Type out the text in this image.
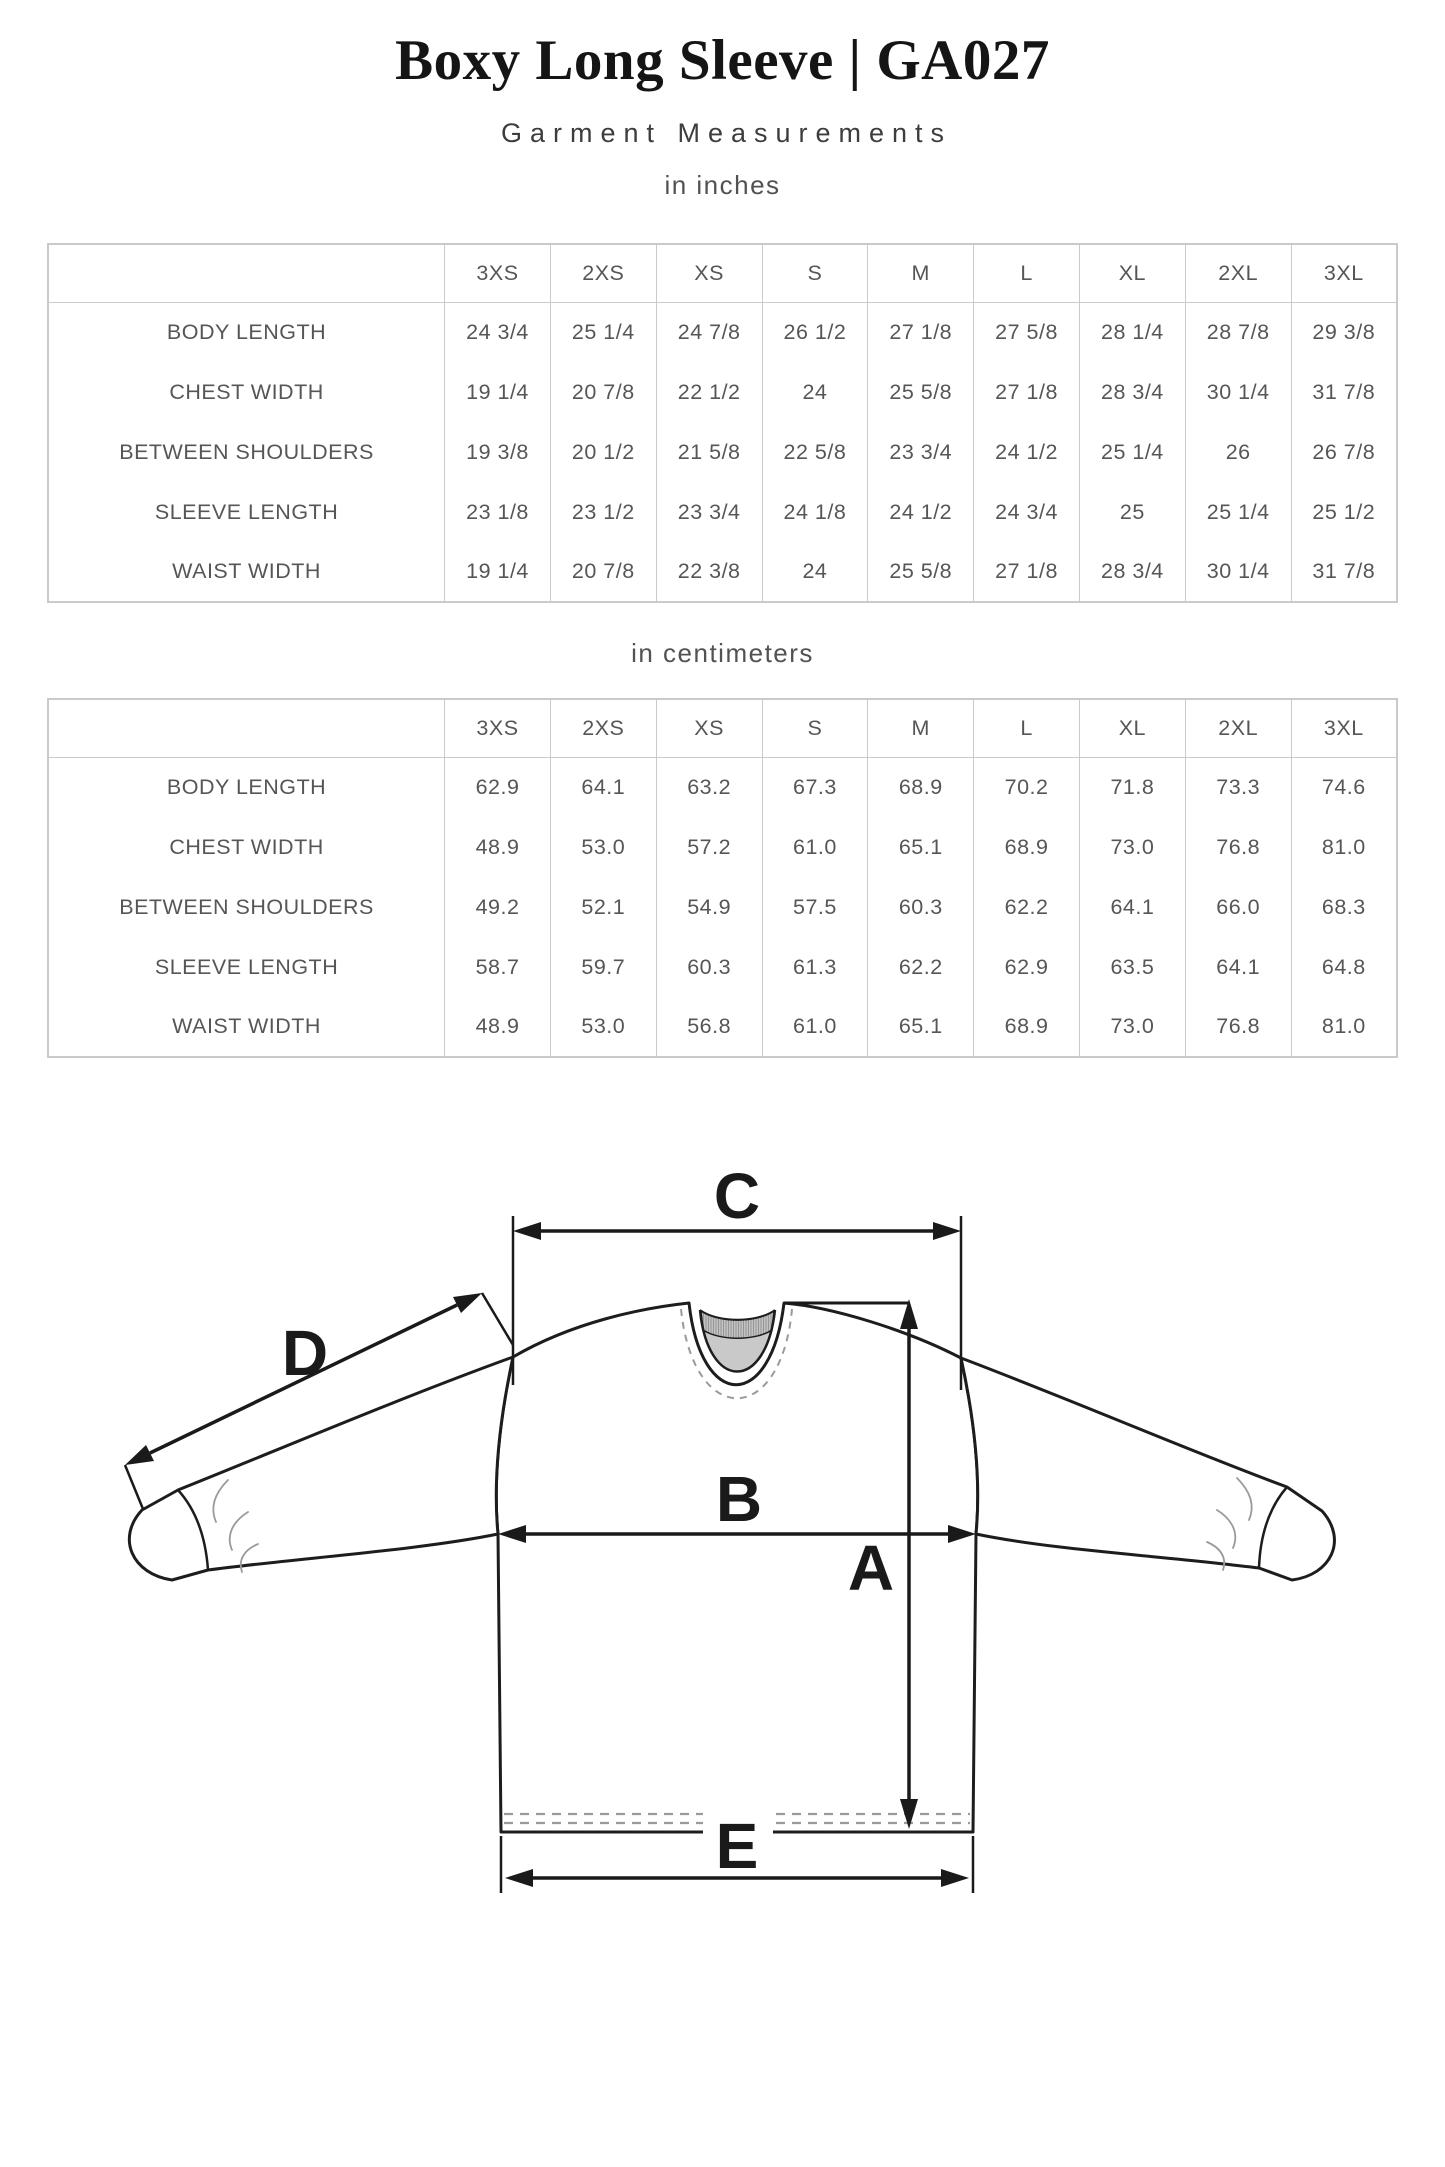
Boxy Long Sleeve | GA027
Garment Measurements
in inches
	3XS	2XS	XS	S	M	L	XL	2XL	3XL
BODY LENGTH	24 3/4	25 1/4	24 7/8	26 1/2	27 1/8	27 5/8	28 1/4	28 7/8	29 3/8
CHEST WIDTH	19 1/4	20 7/8	22 1/2	24	25 5/8	27 1/8	28 3/4	30 1/4	31 7/8
BETWEEN SHOULDERS	19 3/8	20 1/2	21 5/8	22 5/8	23 3/4	24 1/2	25 1/4	26	26 7/8
SLEEVE LENGTH	23 1/8	23 1/2	23 3/4	24 1/8	24 1/2	24 3/4	25	25 1/4	25 1/2
WAIST WIDTH	19 1/4	20 7/8	22 3/8	24	25 5/8	27 1/8	28 3/4	30 1/4	31 7/8
in centimeters
	3XS	2XS	XS	S	M	L	XL	2XL	3XL
BODY LENGTH	62.9	64.1	63.2	67.3	68.9	70.2	71.8	73.3	74.6
CHEST WIDTH	48.9	53.0	57.2	61.0	65.1	68.9	73.0	76.8	81.0
BETWEEN SHOULDERS	49.2	52.1	54.9	57.5	60.3	62.2	64.1	66.0	68.3
SLEEVE LENGTH	58.7	59.7	60.3	61.3	62.2	62.9	63.5	64.1	64.8
WAIST WIDTH	48.9	53.0	56.8	61.0	65.1	68.9	73.0	76.8	81.0
C
A
B
D
E
